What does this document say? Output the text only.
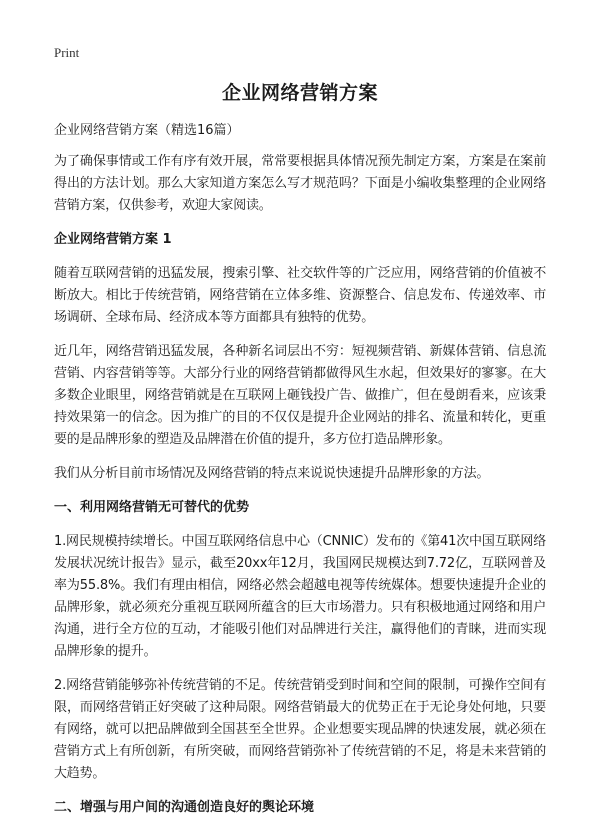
Print
企业网络营销方案
企业网络营销方案（精选16篇）

为了确保事情或工作有序有效开展，常常要根据具体情况预先制定方案，方案是在案前得出的方法计划。那么大家知道方案怎么写才规范吗？下面是小编收集整理的企业网络营销方案，仅供参考，欢迎大家阅读。

企业网络营销方案 1

随着互联网营销的迅猛发展，搜索引擎、社交软件等的广泛应用，网络营销的价值被不断放大。相比于传统营销，网络营销在立体多维、资源整合、信息发布、传递效率、市场调研、全球布局、经济成本等方面都具有独特的优势。

近几年，网络营销迅猛发展，各种新名词层出不穷：短视频营销、新媒体营销、信息流营销、内容营销等等。大部分行业的网络营销都做得风生水起，但效果好的寥寥。在大多数企业眼里，网络营销就是在互联网上砸钱投广告、做推广，但在曼朗看来，应该秉持效果第一的信念。因为推广的目的不仅仅是提升企业网站的排名、流量和转化，更重要的是品牌形象的塑造及品牌潜在价值的提升，多方位打造品牌形象。

我们从分析目前市场情况及网络营销的特点来说说快速提升品牌形象的方法。

一、利用网络营销无可替代的优势

1.网民规模持续增长。中国互联网络信息中心（CNNIC）发布的《第41次中国互联网络发展状况统计报告》显示，截至20xx年12月，我国网民规模达到7.72亿，互联网普及率为55.8%。我们有理由相信，网络必然会超越电视等传统媒体。想要快速提升企业的品牌形象，就必须充分重视互联网所蕴含的巨大市场潜力。只有积极地通过网络和用户沟通，进行全方位的互动，才能吸引他们对品牌进行关注，赢得他们的青睐，进而实现品牌形象的提升。

2.网络营销能够弥补传统营销的不足。传统营销受到时间和空间的限制，可操作空间有限，而网络营销正好突破了这种局限。网络营销最大的优势正在于无论身处何地，只要有网络，就可以把品牌做到全国甚至全世界。企业想要实现品牌的快速发展，就必须在营销方式上有所创新，有所突破，而网络营销弥补了传统营销的不足，将是未来营销的大趋势。

二、增强与用户间的沟通创造良好的舆论环境
